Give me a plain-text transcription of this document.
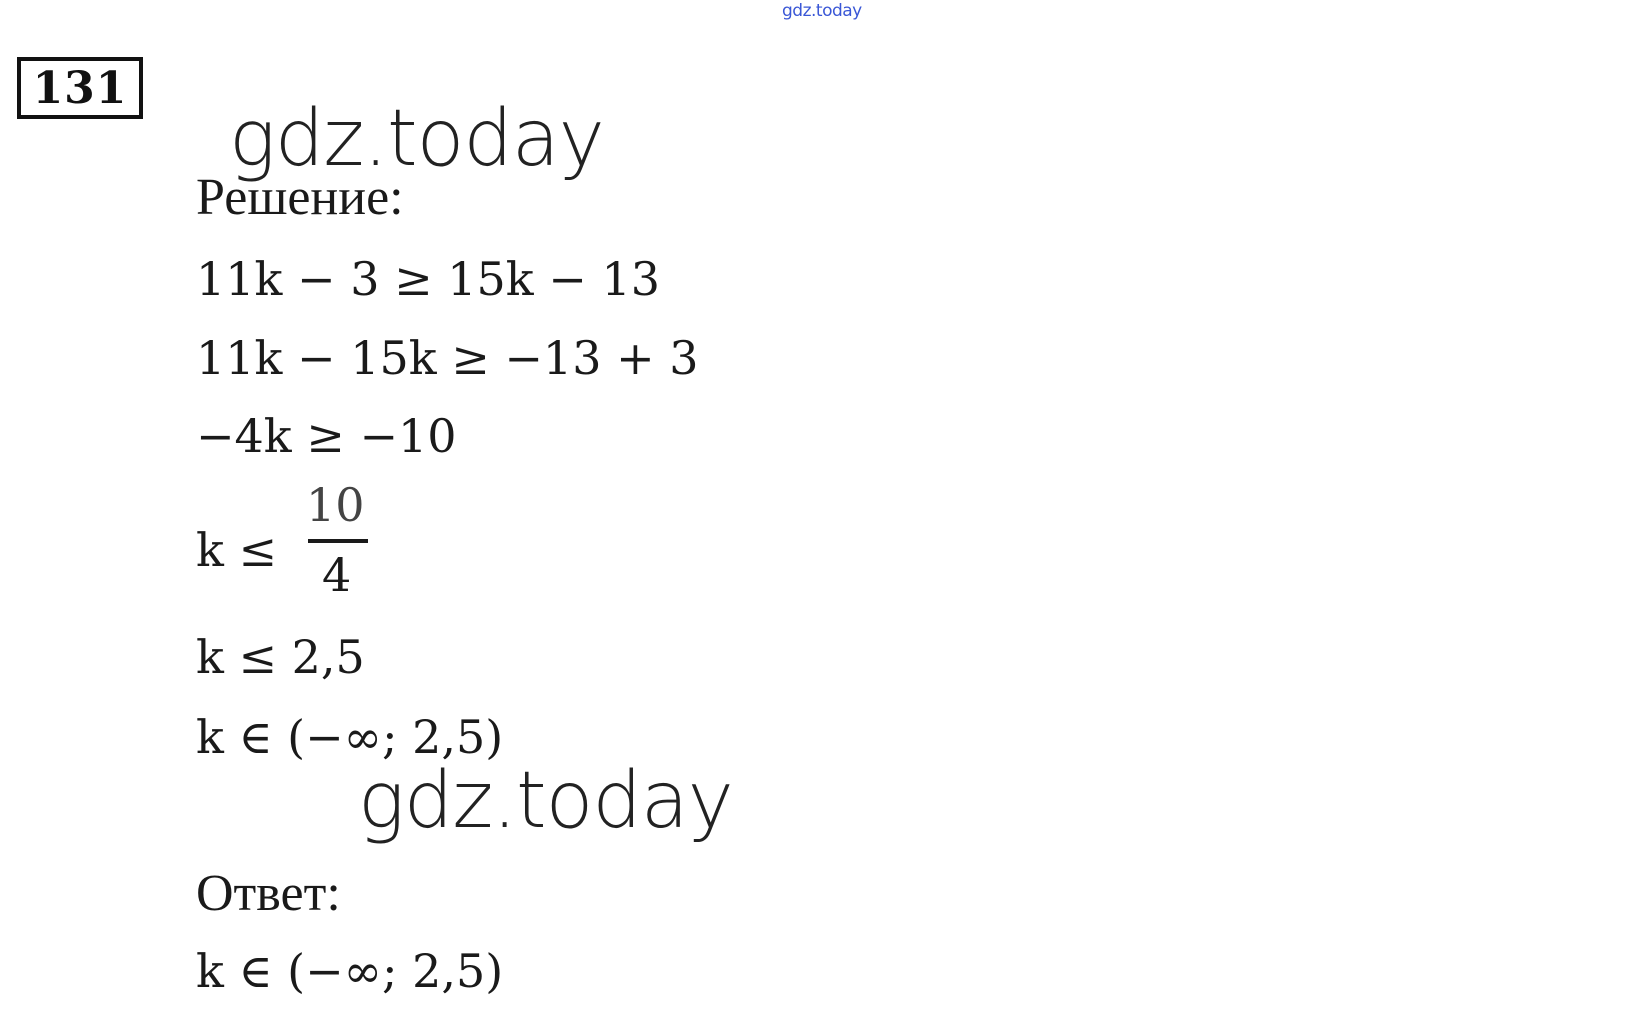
gdz.today
131
gdz.today
Решение:
11k − 3 ≥ 15k − 13
11k − 15k ≥ −13 + 3
−4k ≥ −10
k ≤
10
4
k ≤ 2,5
k ∈ (−∞; 2,5)
gdz.today
Ответ:
k ∈ (−∞; 2,5)
